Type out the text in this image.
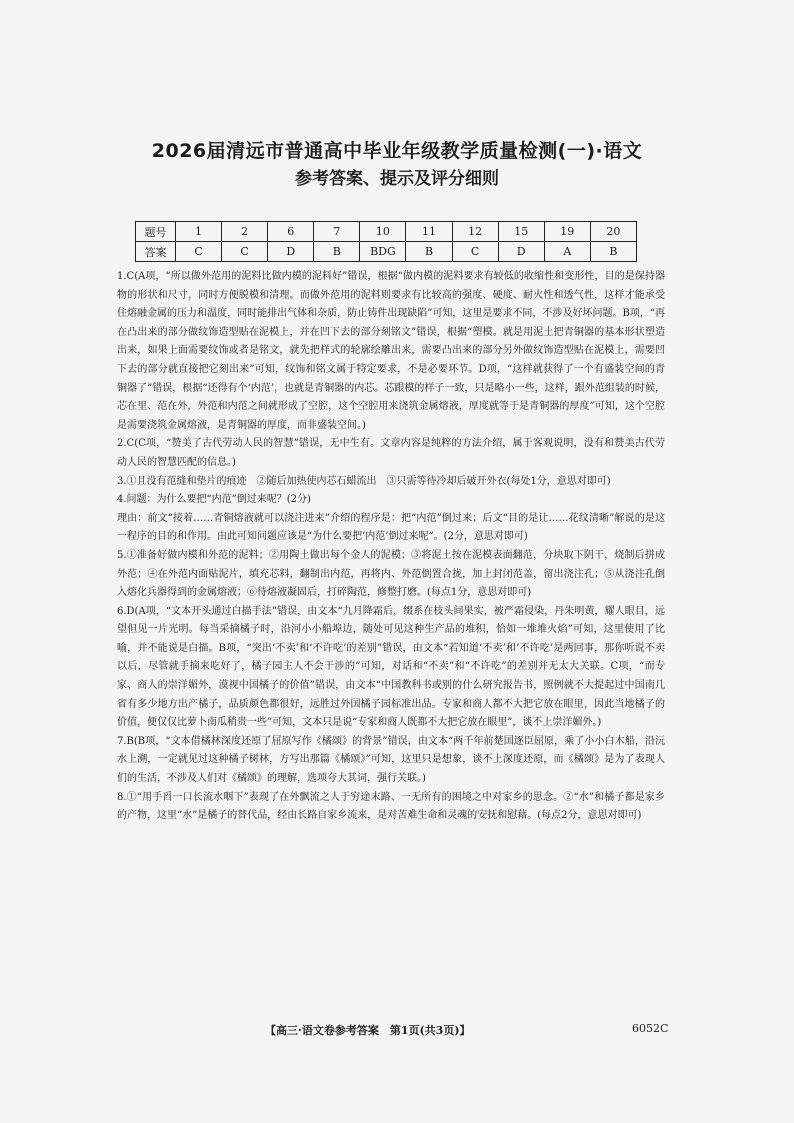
2026届清远市普通高中毕业年级教学质量检测(一)·语文
参考答案、提示及评分细则
题号	1	2	6	7	10	11	12	15	19	20
答案	C	C	D	B	BDG	B	C	D	A	B

1.C(A项，“所以做外范用的泥料比做内模的泥料好”错误，根据“做内模的泥料要求有较低的收缩性和变形性，目的是保持器物的形状和尺寸，同时方便脱模和清理。而做外范用的泥料则要求有比较高的强度、硬度、耐火性和透气性，这样才能承受住熔融金属的压力和温度，同时能排出气体和杂质，防止铸件出现缺陷”可知，这里是要求不同，不涉及好坏问题。B项，“再在凸出来的部分做纹饰造型贴在泥模上，并在凹下去的部分刻铭文”错误，根据“塑模。就是用泥土把青铜器的基本形状塑造出来，如果上面需要纹饰或者是铭文，就先把样式的轮廓绘雕出来，需要凸出来的部分另外做纹饰造型贴在泥模上，需要凹下去的部分就直接把它刻出来”可知，纹饰和铭文属于特定要求，不是必要环节。D项，“这样就获得了一个有盛装空间的青铜器了”错误，根据“还得有个‘内范’，也就是青铜器的内芯。芯跟模的样子一致，只是略小一些，这样，跟外范组装的时候，芯在里、范在外，外范和内范之间就形成了空腔，这个空腔用来浇筑金属熔液，厚度就等于是青铜器的厚度”可知，这个空腔是需要浇筑金属熔液，是青铜器的厚度，而非盛装空间。)

2.C(C项，“赞美了古代劳动人民的智慧”错误，无中生有。文章内容是纯粹的方法介绍，属于客观说明，没有和赞美古代劳动人民的智慧匹配的信息。)

3.①且没有范缝和垫片的痕迹　②随后加热使内芯石蜡流出　③只需等待冷却后破开外衣(每处1分，意思对即可)

4.问题：为什么要把“内范”倒过来呢？(2分)
理由：前文“接着……青铜熔液就可以浇注进来”介绍的程序是：把“内范”倒过来；后文“目的是让……花纹清晰”解说的是这一程序的目的和作用。由此可知问题应该是“为什么要把‘内范’倒过来呢”。(2分，意思对即可)

5.①准备好做内模和外范的泥料；②用陶土做出每个金人的泥模；③将泥土按在泥模表面翻范，分块取下阴干，烧制后拼成外范；④在外范内面贴泥片，填充芯料，翻制出内范，再将内、外范倒置合拢，加上封闭范盖，留出浇注孔；⑤从浇注孔倒入熔化兵器得到的金属熔液；⑥待熔液凝固后，打碎陶范，修整打磨。(每点1分，意思对即可)

6.D(A项，“文本开头通过白描手法”错误，由文本“九月降霜后，缀系在枝头间果实，被严霜侵染，丹朱明黄，耀人眼目，远望但见一片光明。每当采摘橘子时，沿河小小船埠边，随处可见这种生产品的堆积，恰如一堆堆火焰”可知，这里使用了比喻，并不能说是白描。B项，“突出‘不卖’和‘不许吃’的差别”错误，由文本“若知道‘不卖’和‘不许吃’是两回事，那你听说不卖以后，尽管就手摘来吃好了，橘子园主人不会干涉的”可知，对话和“不卖”和“不许吃”的差别并无太大关联。C项，“而专家、商人的崇洋媚外，漠视中国橘子的价值”错误，由文本“中国教科书或别的什么研究报告书，照例就不大提起过中国南几省有多少地方出产橘子，品质颜色都很好，远胜过外国橘子园标准出品。专家和商人都不大把它放在眼里，因此当地橘子的价值，便仅仅比萝卜南瓜稍贵一些”可知，文本只是说“专家和商人既都不大把它放在眼里”，谈不上崇洋媚外。)

7.B(B项，“文本借橘林深度还原了屈原写作《橘颂》的背景”错误，由文本“两千年前楚国逐臣屈原，乘了小小白木船，沿沅水上溯，一定就见过这种橘子树林，方写出那篇《橘颂》”可知，这里只是想象，谈不上深度还原，而《橘颂》是为了表现人们的生活，不涉及人们对《橘颂》的理解，选项夸大其词，强行关联。)

8.①“用手舀一口长流水咽下”表现了在外飘流之人于穷途末路、一无所有的困境之中对家乡的思念。②“水”和橘子都是家乡的产物，这里“水”是橘子的替代品，经由长路自家乡流来，是对苦难生命和灵魂的安抚和慰藉。(每点2分，意思对即可)

【高三·语文卷参考答案　第1页(共3页)】	6052C
